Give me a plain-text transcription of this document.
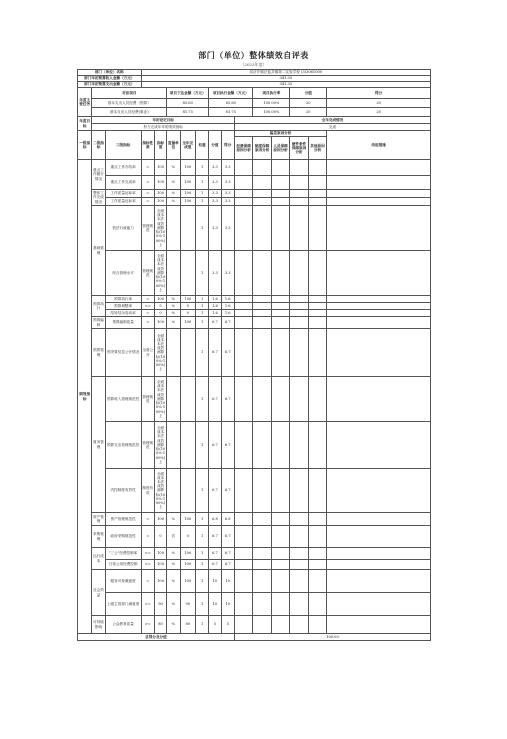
部门（单位）整体绩效自评表
（2023年度）
部门（单位）名称			同济乡镇法蓝井镇第二实验学校 (3)3061000												
部门年初预算收入金额（万元）			341.33												
部门年初预算支出金额（万元）			341.33												
年度主要任务	对应项目				项目下达金额（万元）			项目执行金额（万元）			项目执行率		分值		得分
	基本支出人员经费（预算）				85.60			85.60			100.00%		20		20
	基本支出人员经费(事业)				81.75			81.75			100.00%		20		20
年度目标	年初设定目标									全年完成情况					
	努力完成年年的绩效指标									完成					
一级指标	二级指标	三级指标	指标性质	指标值	度量单位	全年完成值	权重	分值	得分	偏差原因分析					改进措施
										经费保障原因分析	制度保障原因分析	人员保障原因分析	硬件条件保障原因分析	其他原因分析	
绩效指标	重点工作履行情况	重点工作办结率	=	100	%	100	1	3.3	3.3						
		重点工作完成率	=	100	%	100	1	3.3	3.3						
	整体工作完成情况	工作质量达标率	=	100	%	100	1	3.3	3.3						
		工作质量达标率	=	100	%	100	1	3.3	3.3						
	基础管理	依法行政能力	管理规范	全面成本本法成效测算标(100%-100%)上			1	3.3	3.3						
		综合管理水平	管理规范	全面成本本法成效测算标(100%-100%)上			1	3.3	3.3						
	预算执行	预算执行率	=	100	%	100	1	1.6	1.6						
		预算调整率	<=	5	%	5	1	1.6	1.6						
		结转结余变动率	=	0	%	0	1	1.6	1.6						
	预算编制	预算编制质量	=	100	%	100	1	6.7	6.7						
	预算管理	预决算信息公开情况	全面公开	全面成本本法成效测算标(100%-100%)上			1	6.7	6.7						
	财务管理	预算收入管理规范性	管理规范	全面成本本法成效测算标(100%-100%)上			1	6.7	6.7						
		预算支出管理规范性	管理规范	全面成本本法成效测算标(100%-100%)上			1	6.7	6.7						
		内控制度有效性	制度有效	全面成本本法成效测算标(100%-100%)上			1	6.7	6.7						
	资产管理	资产管理规范性	=	100	%	100	1	6.8	6.8						
	采购管理	政府采购规范性	=	0	次	0	1	6.7	6.7						
	运行成本	"三公"经费控制率	<=	100	%	100	1	6.7	6.7						
		日常公用经费控制	<=	100	%	100	1	6.7	6.7						
	社会效益	服务对象满意度	=	100	%	100	1	10	10						
		上级主管部门满意度	>=	90	%	90	1	10	10						
	可持续影响	公众教育质量	>=	80	%	80	1	5	5						
总得分及分值										100.00					
